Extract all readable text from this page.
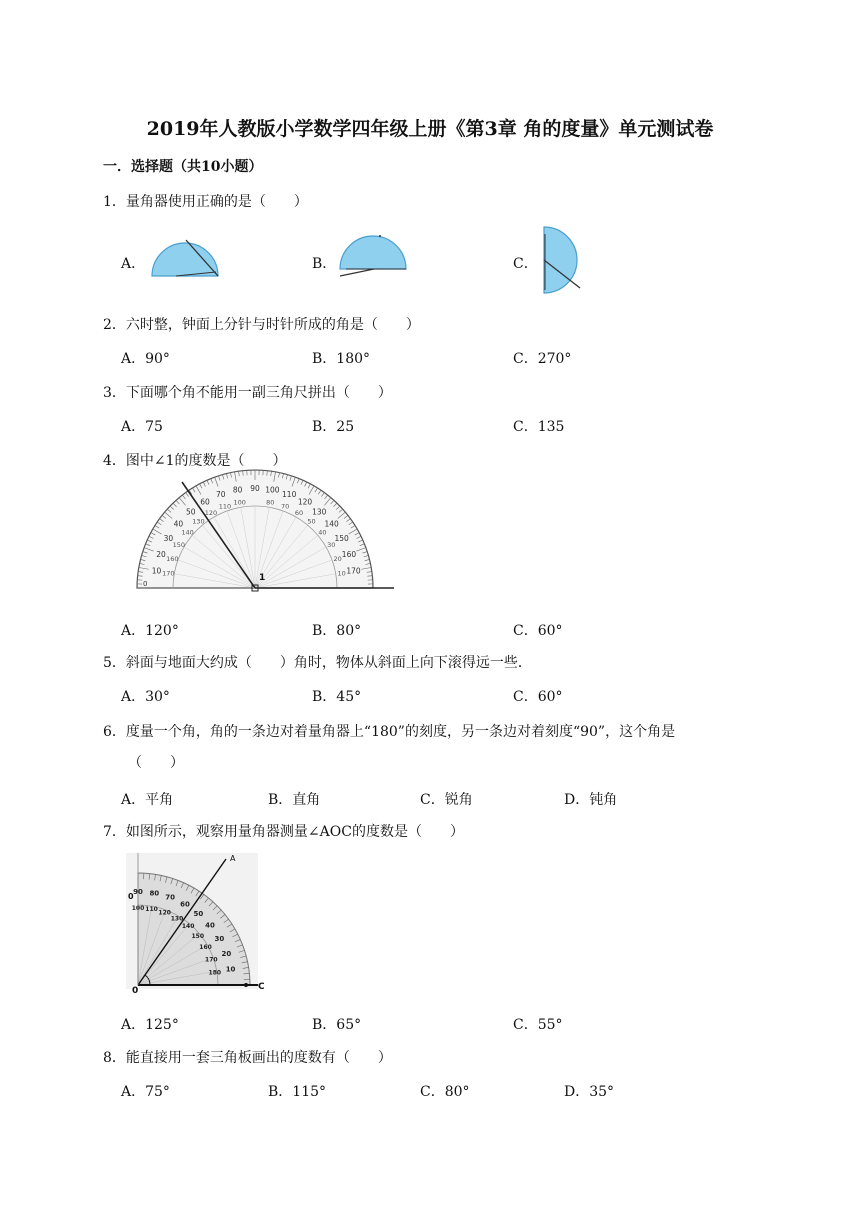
2019年人教版小学数学四年级上册《第3章 角的度量》单元测试卷
一．选择题（共10小题）
1．量角器使用正确的是（　　）
A．	B．	C．
2．六时整，钟面上分针与时针所成的角是（　　）
A．90°	B．180°	C．270°
3．下面哪个角不能用一副三角尺拼出（　　）
A．75	B．25	C．135
4．图中∠1的度数是（　　）
10
20
30
40
50
60
70
80 90 100
110
120
130
140
150
160
170
170
160
150
140
130
120
110 100	80 70
60
50
40
30
20
10
0
1
A．120°	B．80°	C．60°
5．斜面与地面大约成（　　）角时，物体从斜面上向下滚得远一些．
A．30°	B．45°	C．60°
6．度量一个角，角的一条边对着量角器上“180”的刻度，另一条边对着刻度“90”，这个角是
（　　）
A．平角	B．直角	C．锐角	D．钝角
7．如图所示，观察用量角器测量∠AOC的度数是（　　）
90
100
80
110
70
120
60
130
50
140 40
150 30
160
20
170
10
180
A
0	C
0
A．125°	B．65°	C．55°
8．能直接用一套三角板画出的度数有（　　）
A．75°	B．115°	C．80°	D．35°
